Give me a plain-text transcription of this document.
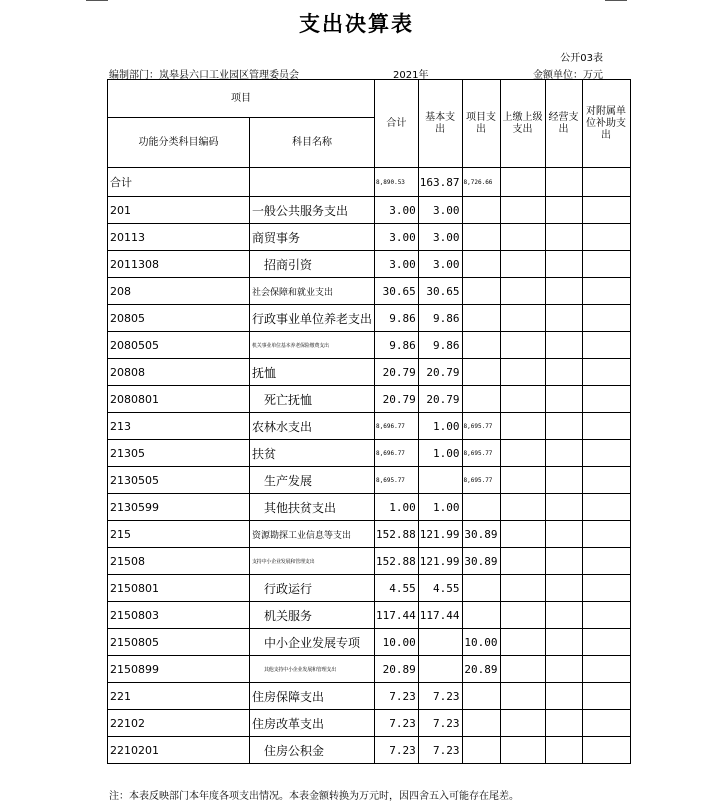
支出决算表
公开03表
编制部门：岚皋县六口工业园区管理委员会	2021年	金额单位：万元
项目		合计	基本支出	项目支出	上缴上级支出	经营支出	对附属单位补助支出
功能分类科目编码	科目名称						
合计		8,890.53	163.87	8,726.66			
201	一般公共服务支出	3.00	3.00				
20113	商贸事务	3.00	3.00				
2011308	招商引资	3.00	3.00				
208	社会保障和就业支出	30.65	30.65				
20805	行政事业单位养老支出	9.86	9.86				
2080505	机关事业单位基本养老保险缴费支出	9.86	9.86				
20808	抚恤	20.79	20.79				
2080801	死亡抚恤	20.79	20.79				
213	农林水支出	8,696.77	1.00	8,695.77			
21305	扶贫	8,696.77	1.00	8,695.77			
2130505	生产发展	8,695.77		8,695.77			
2130599	其他扶贫支出	1.00	1.00				
215	资源勘探工业信息等支出	152.88	121.99	30.89			
21508	支持中小企业发展和管理支出	152.88	121.99	30.89			
2150801	行政运行	4.55	4.55				
2150803	机关服务	117.44	117.44				
2150805	中小企业发展专项	10.00		10.00			
2150899	其他支持中小企业发展和管理支出	20.89		20.89			
221	住房保障支出	7.23	7.23				
22102	住房改革支出	7.23	7.23				
2210201	住房公积金	7.23	7.23				
注：本表反映部门本年度各项支出情况。本表金额转换为万元时，因四舍五入可能存在尾差。
